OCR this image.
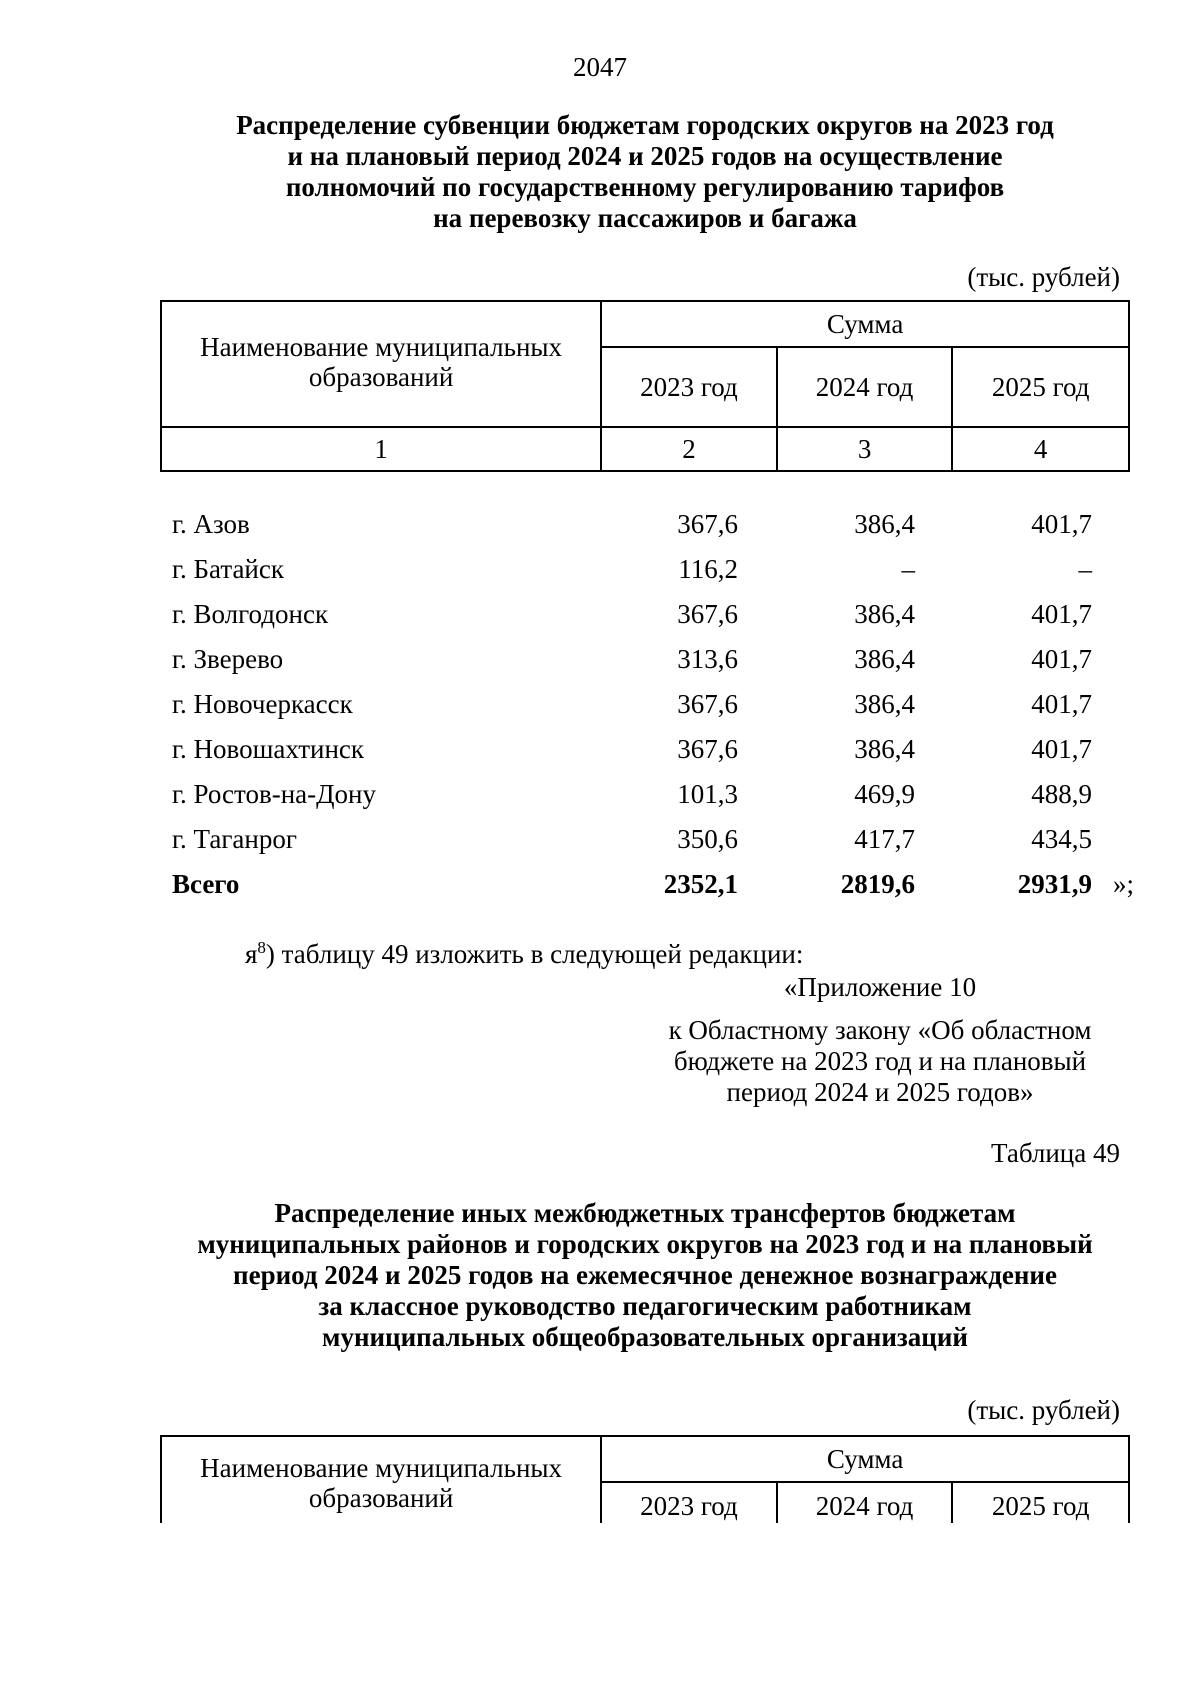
2047
Распределение субвенции бюджетам городских округов на 2023 год
и на плановый период 2024 и 2025 годов на осуществление
полномочий по государственному регулированию тарифов
на перевозку пассажиров и багажа
(тыс. рублей)
Наименование муниципальных образований	Сумма		
	2023 год	2024 год	2025 год
1	2	3	4
г. Азов	367,6	386,4	401,7
г. Батайск	116,2	–	–
г. Волгодонск	367,6	386,4	401,7
г. Зверево	313,6	386,4	401,7
г. Новочеркасск	367,6	386,4	401,7
г. Новошахтинск	367,6	386,4	401,7
г. Ростов-на-Дону	101,3	469,9	488,9
г. Таганрог	350,6	417,7	434,5
Всего	2352,1	2819,6	2931,9 »;
$я^8$) таблицу 49 изложить в следующей редакции:
«Приложение 10
к Областному закону «Об областном
бюджете на 2023 год и на плановый
период 2024 и 2025 годов»
Таблица 49
Распределение иных межбюджетных трансфертов бюджетам
муниципальных районов и городских округов на 2023 год и на плановый
период 2024 и 2025 годов на ежемесячное денежное вознаграждение
за классное руководство педагогическим работникам
муниципальных общеобразовательных организаций
(тыс. рублей)
Наименование муниципальных образований	Сумма		
	2023 год	2024 год	2025 год
